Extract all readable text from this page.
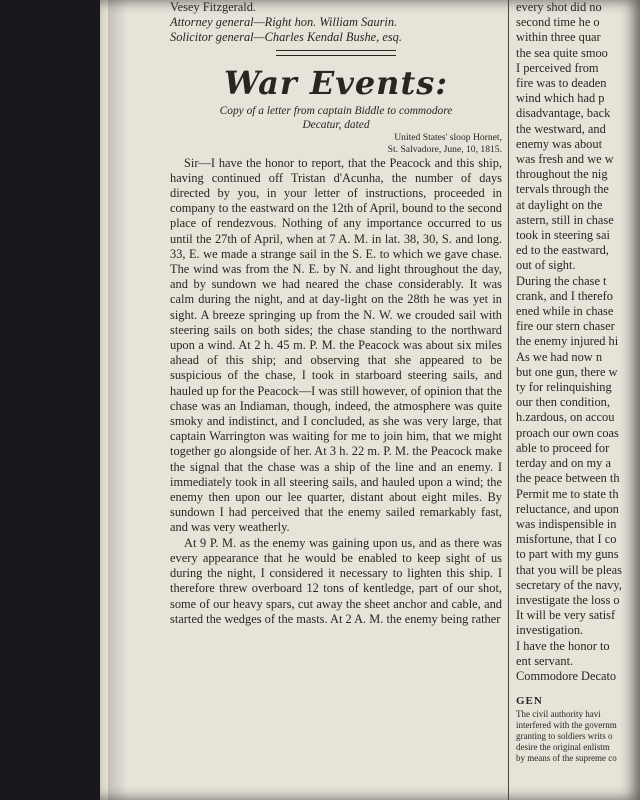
Vesey Fitzgerald.

Attorney general—Right hon. William Saurin.

Solicitor general—Charles Kendal Bushe, esq.

War Events:
Copy of a letter from captain Biddle to commodore
Decatur, dated
United States' sloop Hornet,
St. Salvadore, June, 10, 1815.

Sir—I have the honor to report, that the Peacock and this ship, having continued off Tristan d'Acunha, the number of days directed by you, in your letter of instructions, proceeded in company to the eastward on the 12th of April, bound to the second place of rendezvous. Nothing of any importance occurred to us until the 27th of April, when at 7 A. M. in lat. 38, 30, S. and long. 33, E. we made a strange sail in the S. E. to which we gave chase. The wind was from the N. E. by N. and light throughout the day, and by sundown we had neared the chase considerably. It was calm during the night, and at day-light on the 28th he was yet in sight. A breeze springing up from the N. W. we crouded sail with steering sails on both sides; the chase standing to the northward upon a wind. At 2 h. 45 m. P. M. the Peacock was about six miles ahead of this ship; and observing that she appeared to be suspicious of the chase, I took in starboard steering sails, and hauled up for the Peacock—I was still however, of opinion that the chase was an Indiaman, though, indeed, the atmosphere was quite smoky and indistinct, and I concluded, as she was very large, that captain Warrington was waiting for me to join him, that we might together go alongside of her. At 3 h. 22 m. P. M. the Peacock make the signal that the chase was a ship of the line and an enemy. I immediately took in all steering sails, and hauled upon a wind; the enemy then upon our lee quarter, distant about eight miles. By sundown I had perceived that the enemy sailed remarkably fast, and was very weatherly.

At 9 P. M. as the enemy was gaining upon us, and as there was every appearance that he would be enabled to keep sight of us during the night, I considered it necessary to lighten this ship. I therefore threw overboard 12 tons of kentledge, part of our shot, some of our heavy spars, cut away the sheet anchor and cable, and started the wedges of the masts. At 2 A. M. the enemy being rather

every shot did no
second time he o
within three quar
the sea quite smoo
I perceived from
fire was to deaden
wind which had p
disadvantage, back
the westward, and
enemy was about
was fresh and we w
throughout the nig
tervals through the
at daylight on the
astern, still in chase
took in steering sai
ed to the eastward,
out of sight.
During the chase t
crank, and I therefo
ened while in chase
fire our stern chaser
the enemy injured hi
As we had now n
but one gun, there w
ty for relinquishing
our then condition,
h.zardous, on accou
proach our own coas
able to proceed for
terday and on my a
the peace between th
Permit me to state th
reluctance, and upon
was indispensible in
misfortune, that I co
to part with my guns
that you will be pleas
secretary of the navy,
investigate the loss o
It will be very satisf
investigation.
I have the honor to
ent servant.
Commodore Decato
GEN
The civil authority havi
interfered with the governm
granting to soldiers writs o
desire the original enlistm
by means of the supreme co
